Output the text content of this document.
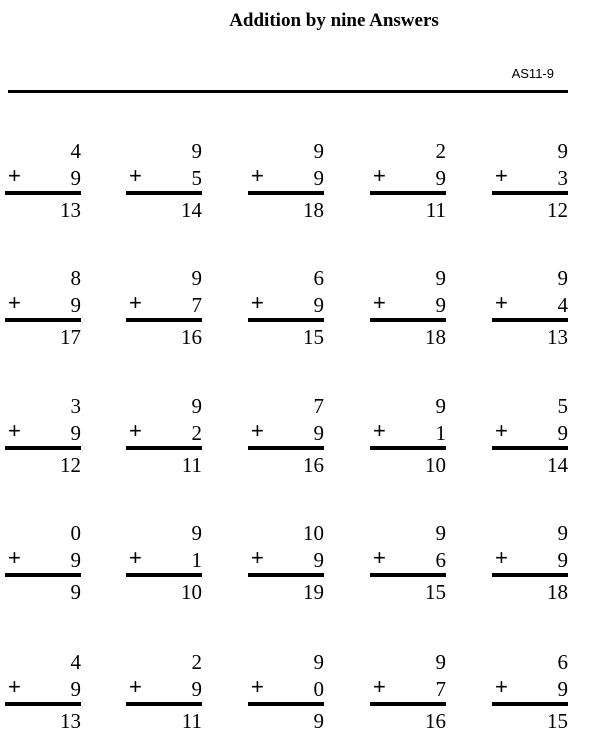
Addition by nine Answers
AS11-9
4
+	9
13
9
+	5
14
9
+	9
18
2
+	9
11
9
+	3
12
8
+	9
17
9
+	7
16
6
+	9
15
9
+	9
18
9
+	4
13
3
+	9
12
9
+	2
11
7
+	9
16
9
+	1
10
5
+	9
14
0
+	9
9
9
+	1
10
10
+	9
19
9
+	6
15
9
+	9
18
4
+	9
13
2
+	9
11
9
+	0
9
9
+	7
16
6
+	9
15
